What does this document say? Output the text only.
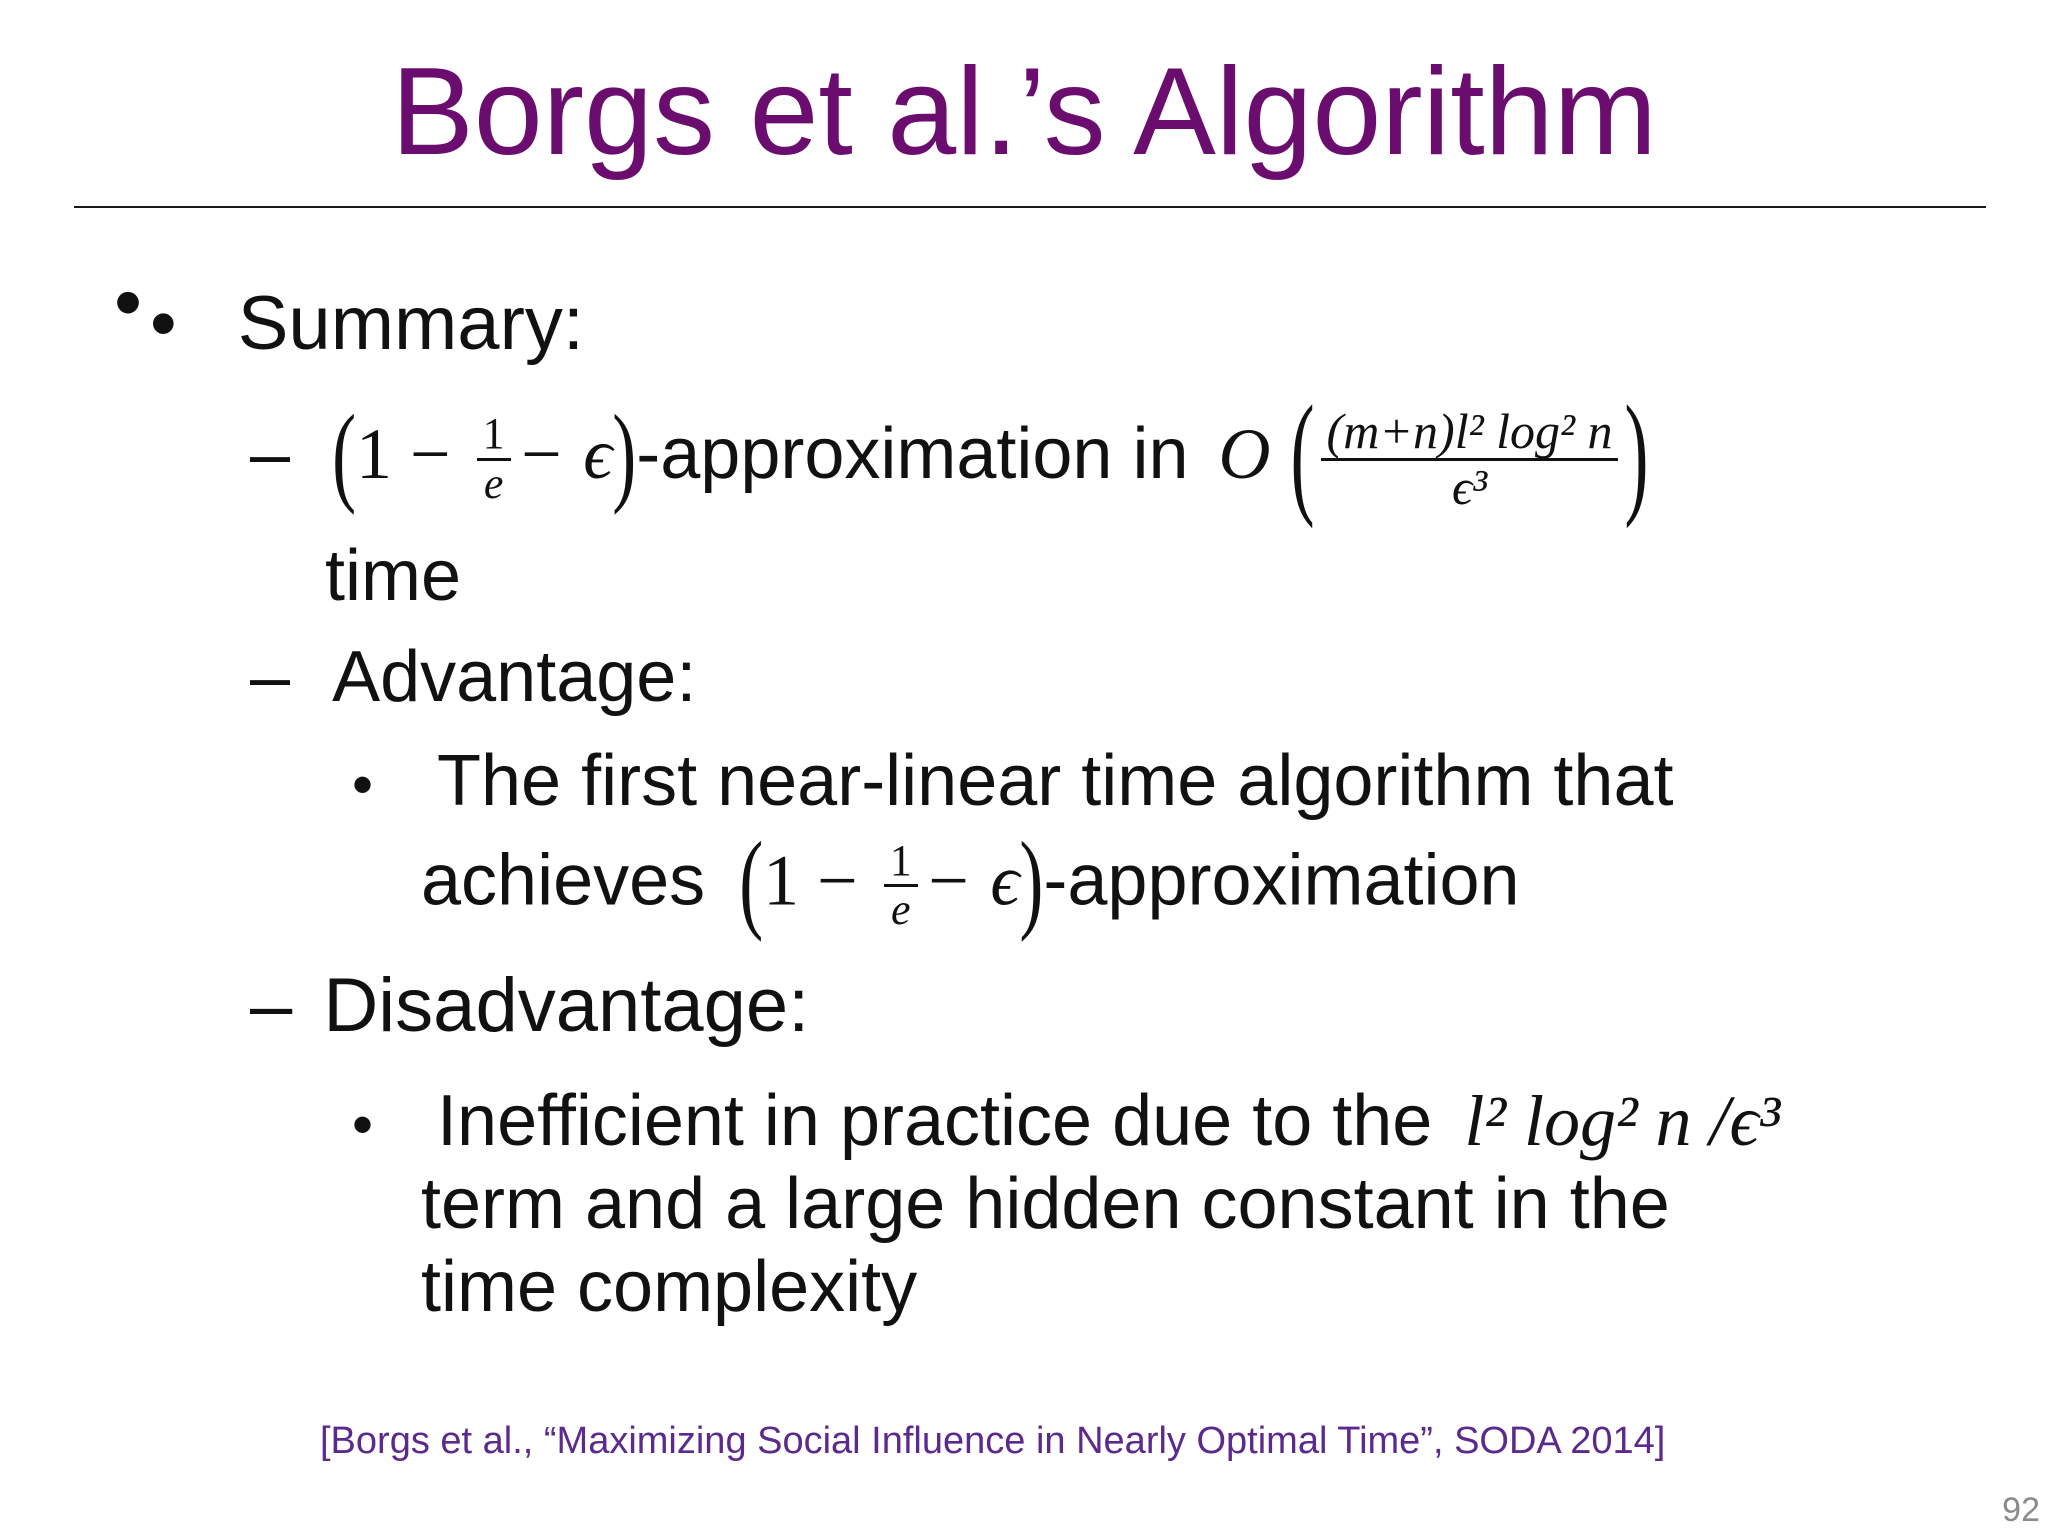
Borgs et al.’s Algorithm
• • Summary:
– ($1 - \frac{1}{e}$ − ϵ)-approximation in O ( $\frac{\text{(m+n)l² log² n}}{\text{ϵ³}}$ )
time
– Advantage:
• The first near-linear time algorithm that
achieves ($1 - \frac{1}{e}$ − ϵ)-approximation
– Disadvantage:
• Inefficient in practice due to the l² log² n /ϵ³
term and a large hidden constant in the
time complexity
[Borgs et al., “Maximizing Social Influence in Nearly Optimal Time”, SODA 2014]
92
